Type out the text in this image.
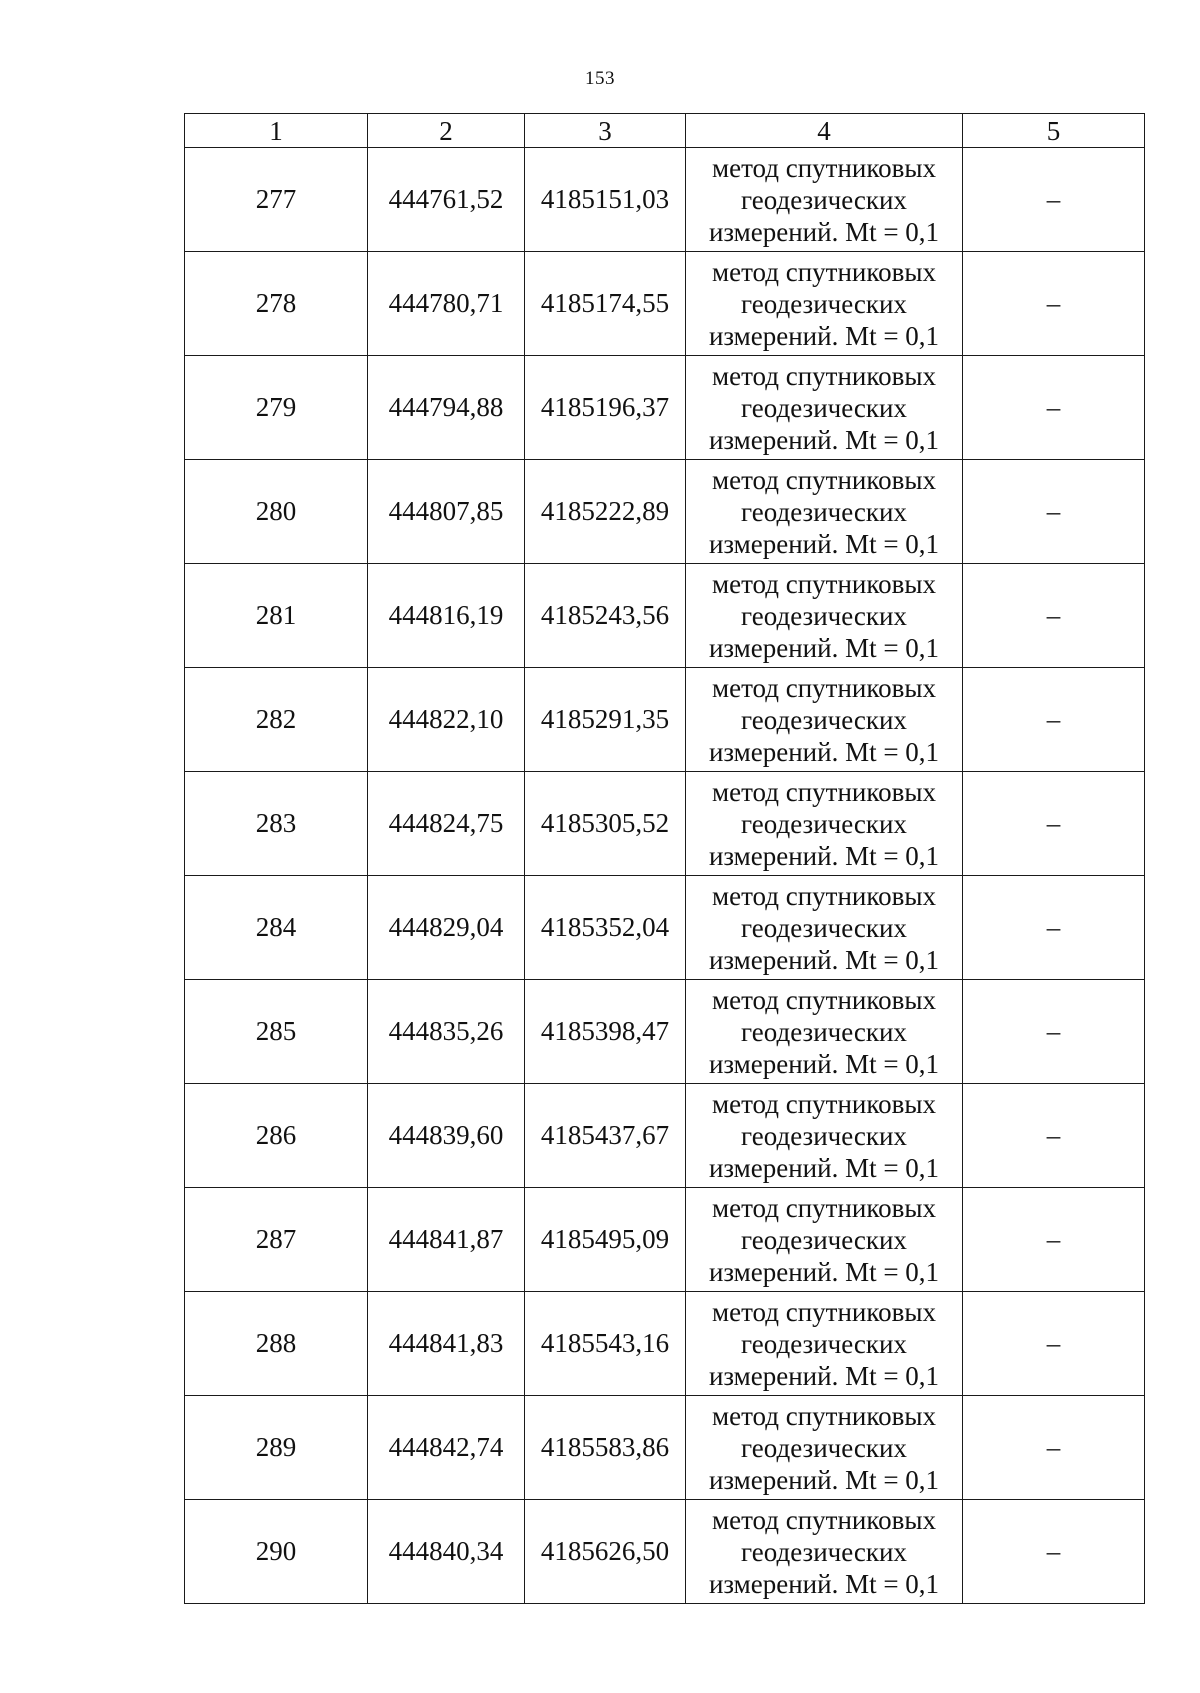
153
1	2	3	4	5
277	444761,52	4185151,03	метод спутниковых
геодезических
измерений. Mt = 0,1	–
278	444780,71	4185174,55	метод спутниковых
геодезических
измерений. Mt = 0,1	–
279	444794,88	4185196,37	метод спутниковых
геодезических
измерений. Mt = 0,1	–
280	444807,85	4185222,89	метод спутниковых
геодезических
измерений. Mt = 0,1	–
281	444816,19	4185243,56	метод спутниковых
геодезических
измерений. Mt = 0,1	–
282	444822,10	4185291,35	метод спутниковых
геодезических
измерений. Mt = 0,1	–
283	444824,75	4185305,52	метод спутниковых
геодезических
измерений. Mt = 0,1	–
284	444829,04	4185352,04	метод спутниковых
геодезических
измерений. Mt = 0,1	–
285	444835,26	4185398,47	метод спутниковых
геодезических
измерений. Mt = 0,1	–
286	444839,60	4185437,67	метод спутниковых
геодезических
измерений. Mt = 0,1	–
287	444841,87	4185495,09	метод спутниковых
геодезических
измерений. Mt = 0,1	–
288	444841,83	4185543,16	метод спутниковых
геодезических
измерений. Mt = 0,1	–
289	444842,74	4185583,86	метод спутниковых
геодезических
измерений. Mt = 0,1	–
290	444840,34	4185626,50	метод спутниковых
геодезических
измерений. Mt = 0,1	–
